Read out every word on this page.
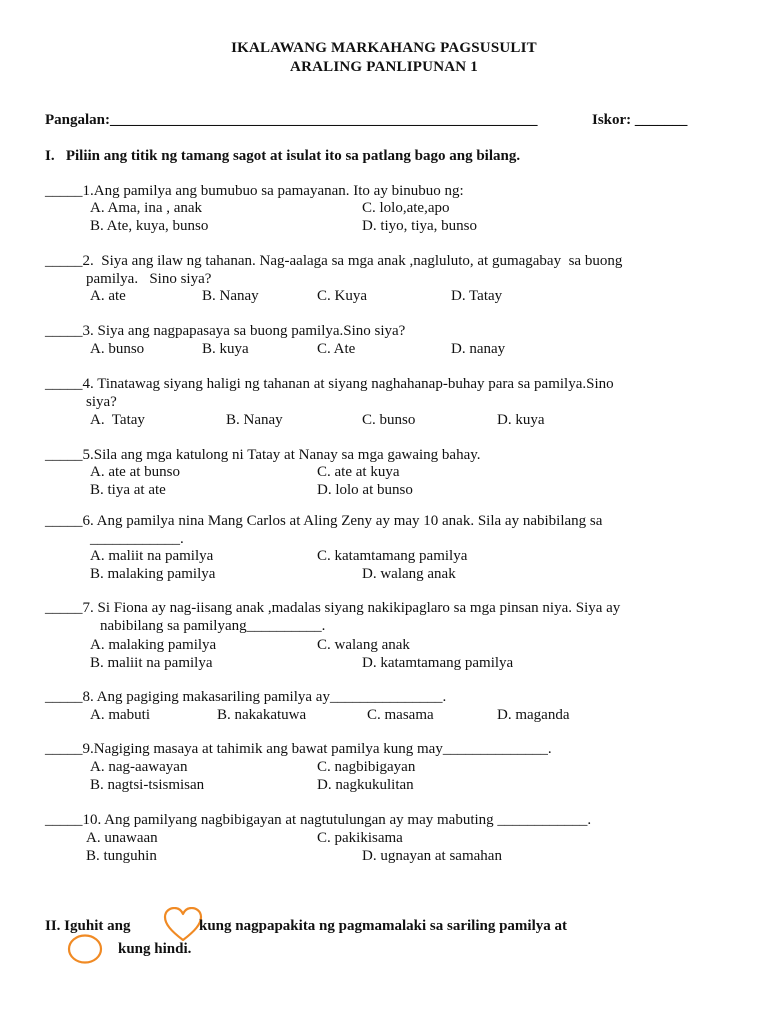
IKALAWANG MARKAHANG PAGSUSULIT
ARALING PANLIPUNAN 1
Pangalan:_________________________________________________________	Iskor: _______
I.   Piliin ang titik ng tamang sagot at isulat ito sa patlang bago ang bilang.
_____1.Ang pamilya ang bumubuo sa pamayanan. Ito ay binubuo ng:
A. Ama, ina , anak	C. lolo,ate,apo
B. Ate, kuya, bunso	D. tiyo, tiya, bunso
_____2.  Siya ang ilaw ng tahanan. Nag-aalaga sa mga anak ,nagluluto, at gumagabay  sa buong
pamilya.   Sino siya?
A. ate	B. Nanay	C. Kuya	D. Tatay
_____3. Siya ang nagpapasaya sa buong pamilya.Sino siya?
A. bunso	B. kuya	C. Ate	D. nanay
_____4. Tinatawag siyang haligi ng tahanan at siyang naghahanap-buhay para sa pamilya.Sino
siya?
A.  Tatay	B. Nanay	C. bunso	D. kuya
_____5.Sila ang mga katulong ni Tatay at Nanay sa mga gawaing bahay.
A. ate at bunso	C. ate at kuya
B. tiya at ate	D. lolo at bunso
_____6. Ang pamilya nina Mang Carlos at Aling Zeny ay may 10 anak. Sila ay nabibilang sa
____________.
A. maliit na pamilya	C. katamtamang pamilya
B. malaking pamilya	D. walang anak
_____7. Si Fiona ay nag-iisang anak ,madalas siyang nakikipaglaro sa mga pinsan niya. Siya ay
nabibilang sa pamilyang__________.
A. malaking pamilya	C. walang anak
B. maliit na pamilya	D. katamtamang pamilya
_____8. Ang pagiging makasariling pamilya ay_______________.
A. mabuti	B. nakakatuwa	C. masama	D. maganda
_____9.Nagiging masaya at tahimik ang bawat pamilya kung may______________.
A. nag-aawayan	C. nagbibigayan
B. nagtsi-tsismisan	D. nagkukulitan
_____10. Ang pamilyang nagbibigayan at nagtutulungan ay may mabuting ____________.
A. unawaan	C. pakikisama
B. tunguhin	D. ugnayan at samahan
II. Iguhit ang	kung nagpapakita ng pagmamalaki sa sariling pamilya at
kung hindi.
